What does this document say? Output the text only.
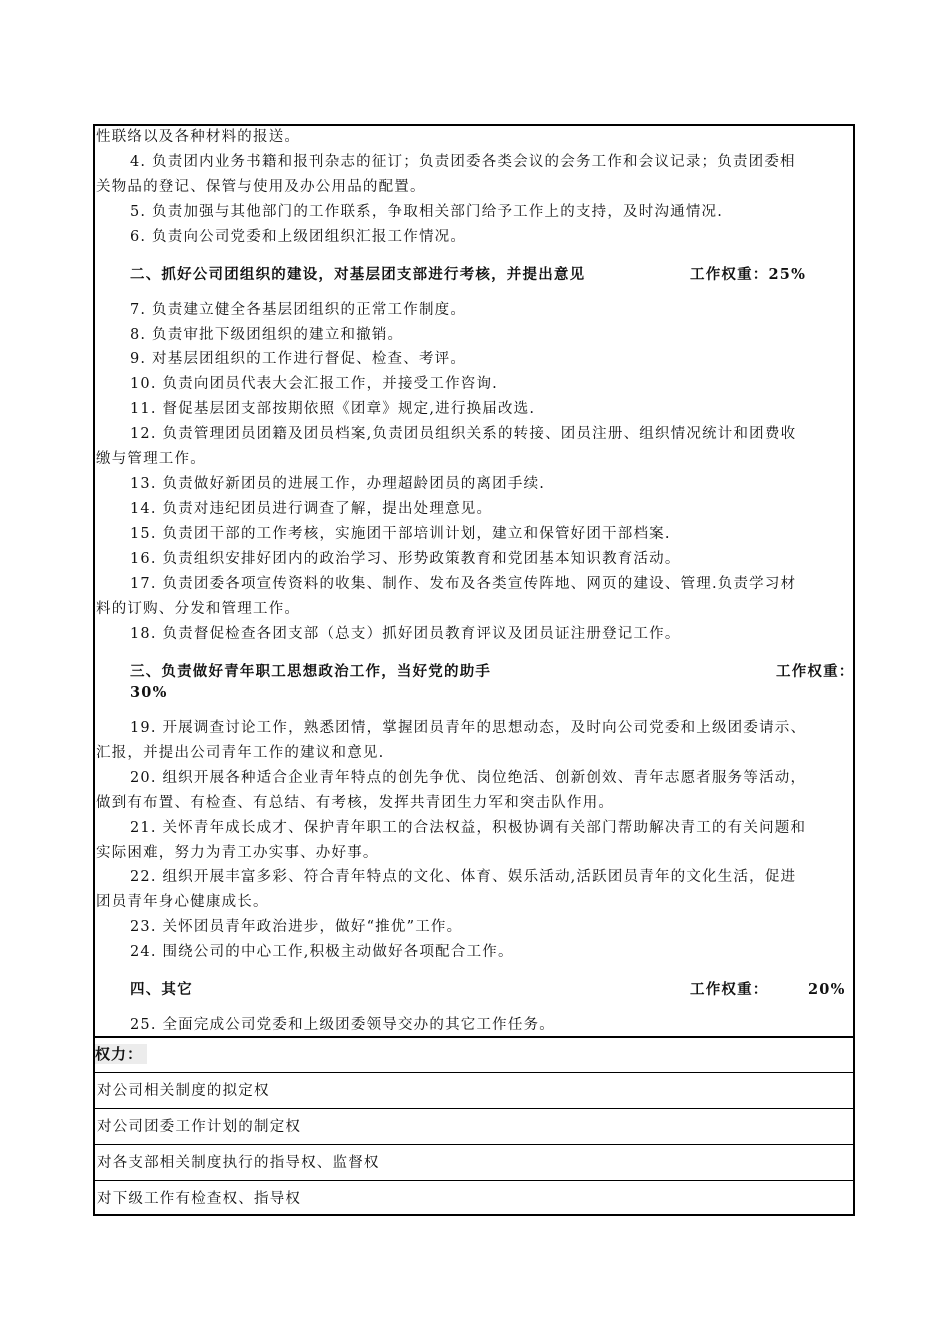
性联络以及各种材料的报送。
4. 负责团内业务书籍和报刊杂志的征订；负责团委各类会议的会务工作和会议记录；负责团委相
关物品的登记、保管与使用及办公用品的配置。
5. 负责加强与其他部门的工作联系，争取相关部门给予工作上的支持，及时沟通情况.
6. 负责向公司党委和上级团组织汇报工作情况。
二、抓好公司团组织的建设，对基层团支部进行考核，并提出意见	工作权重：25%
7. 负责建立健全各基层团组织的正常工作制度。
8. 负责审批下级团组织的建立和撤销。
9. 对基层团组织的工作进行督促、检查、考评。
10. 负责向团员代表大会汇报工作，并接受工作咨询.
11. 督促基层团支部按期依照《团章》规定,进行换届改选.
12. 负责管理团员团籍及团员档案,负责团员组织关系的转接、团员注册、组织情况统计和团费收
缴与管理工作。
13. 负责做好新团员的进展工作，办理超龄团员的离团手续.
14. 负责对违纪团员进行调查了解，提出处理意见。
15. 负责团干部的工作考核，实施团干部培训计划，建立和保管好团干部档案.
16. 负责组织安排好团内的政治学习、形势政策教育和党团基本知识教育活动。
17. 负责团委各项宣传资料的收集、制作、发布及各类宣传阵地、网页的建设、管理.负责学习材
料的订购、分发和管理工作。
18. 负责督促检查各团支部（总支）抓好团员教育评议及团员证注册登记工作。
三、负责做好青年职工思想政治工作，当好党的助手	工作权重：
30%
19. 开展调查讨论工作，熟悉团情，掌握团员青年的思想动态，及时向公司党委和上级团委请示、
汇报，并提出公司青年工作的建议和意见.
20. 组织开展各种适合企业青年特点的创先争优、岗位绝活、创新创效、青年志愿者服务等活动，
做到有布置、有检查、有总结、有考核，发挥共青团生力军和突击队作用。
21. 关怀青年成长成才、保护青年职工的合法权益，积极协调有关部门帮助解决青工的有关问题和
实际困难，努力为青工办实事、办好事。
22. 组织开展丰富多彩、符合青年特点的文化、体育、娱乐活动,活跃团员青年的文化生活，促进
团员青年身心健康成长。
23. 关怀团员青年政治进步，做好“推优”工作。
24. 围绕公司的中心工作,积极主动做好各项配合工作。
四、其它	工作权重：	20%
25. 全面完成公司党委和上级团委领导交办的其它工作任务。
权力：
对公司相关制度的拟定权
对公司团委工作计划的制定权
对各支部相关制度执行的指导权、监督权
对下级工作有检查权、指导权
